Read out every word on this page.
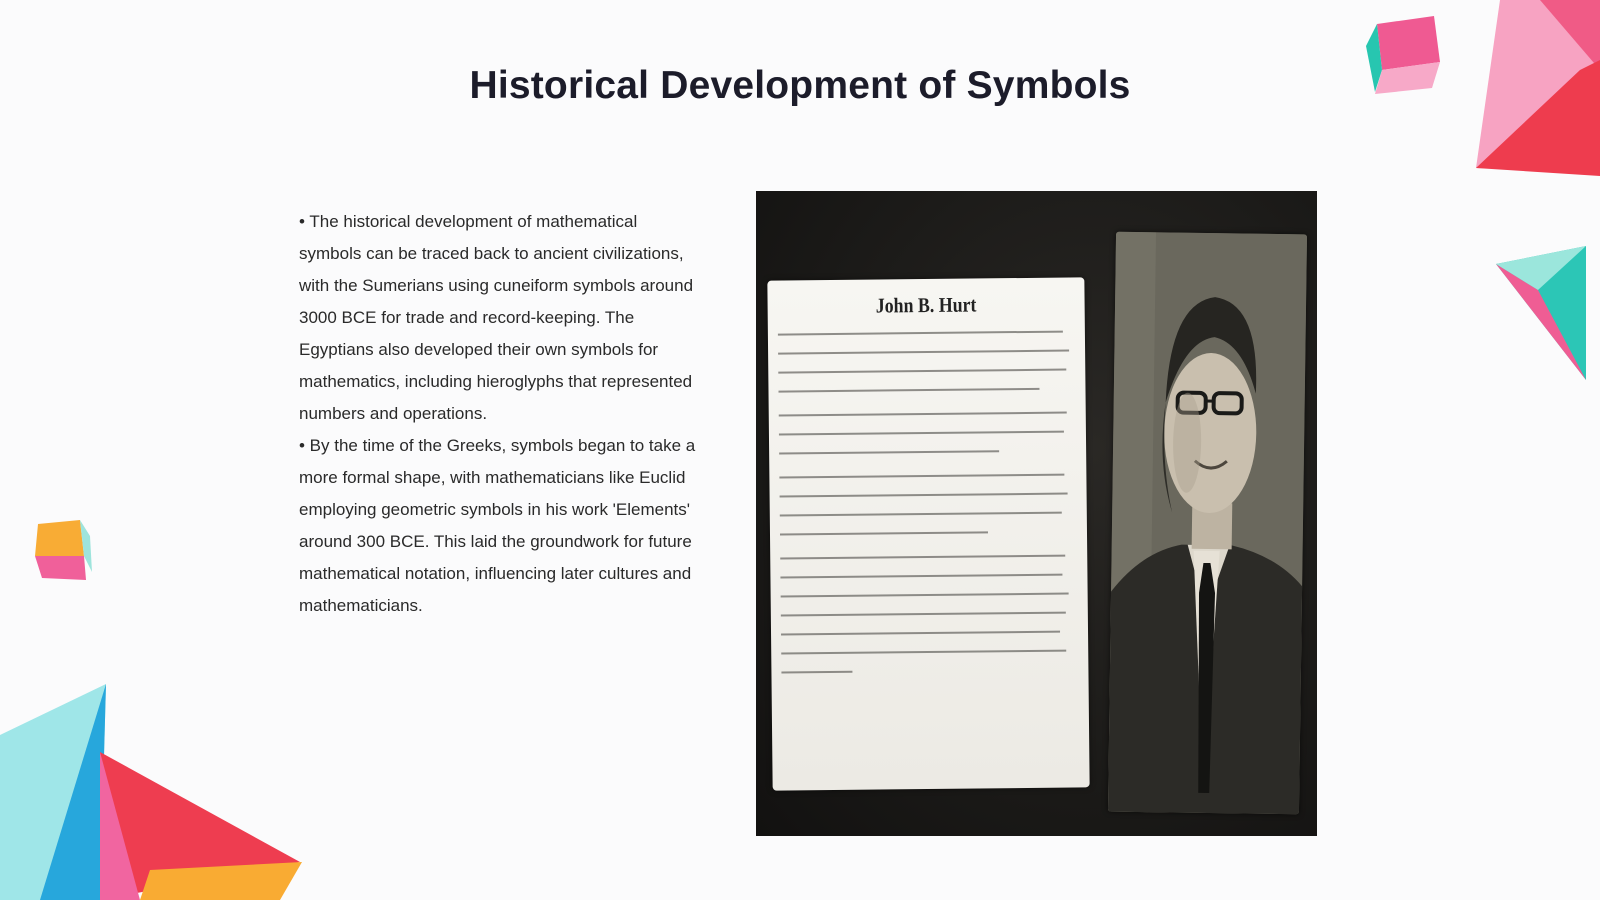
Historical Development of Symbols

• The historical development of mathematical symbols can be traced back to ancient civilizations, with the Sumerians using cuneiform symbols around 3000 BCE for trade and record-keeping. The Egyptians also developed their own symbols for mathematics, including hieroglyphs that represented numbers and operations.

• By the time of the Greeks, symbols began to take a more formal shape, with mathematicians like Euclid employing geometric symbols in his work 'Elements' around 300 BCE. This laid the groundwork for future mathematical notation, influencing later cultures and mathematicians.

John B. Hurt
